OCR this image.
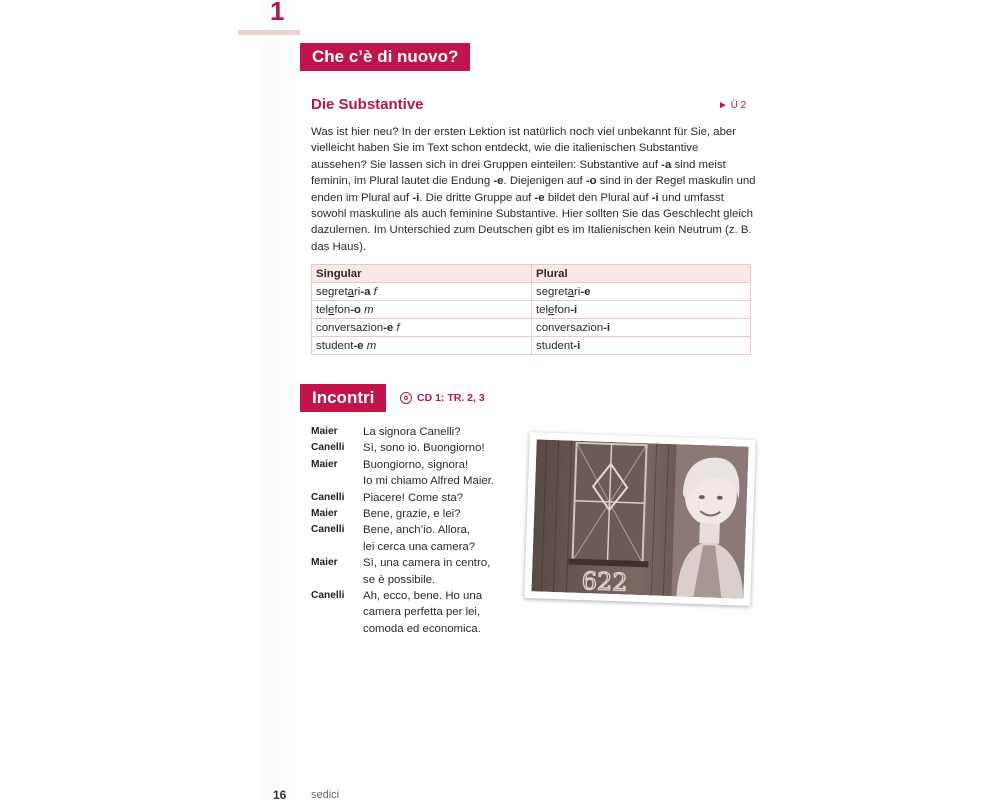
1
Che c’è di nuovo?
Die Substantive	► Ü 2

Was ist hier neu? In der ersten Lektion ist natürlich noch viel unbekannt für Sie, aber vielleicht haben Sie im Text schon entdeckt, wie die italienischen Substantive aussehen? Sie lassen sich in drei Gruppen einteilen: Substantive auf -a sind meist feminin, im Plural lautet die Endung -e. Diejenigen auf -o sind in der Regel maskulin und enden im Plural auf -i. Die dritte Gruppe auf -e bildet den Plural auf -i und umfasst sowohl maskuline als auch feminine Substantive. Hier sollten Sie das Geschlecht gleich dazulernen. Im Unterschied zum Deutschen gibt es im Italienischen kein Neutrum (z. B. das Haus).

Singular	Plural
segretari-a f	segretari-e
telefon-o m	telefon-i
conversazion-e f	conversazion-i
student-e m	student-i
Incontri	CD 1: TR. 2, 3
Maier	La signora Canelli?
Canelli	Sì, sono io. Buongiorno!
Maier	Buongiorno, signora!
Io mi chiamo Alfred Maier.
Canelli	Piacere! Come sta?
Maier	Bene, grazie, e lei?
Canelli	Bene, anch’io. Allora,
lei cerca una camera?
Maier	Sì, una camera in centro,
se è possibile.
Canelli	Ah, ecco, bene. Ho una
camera perfetta per lei,
comoda ed economica.
622
16 sedici
